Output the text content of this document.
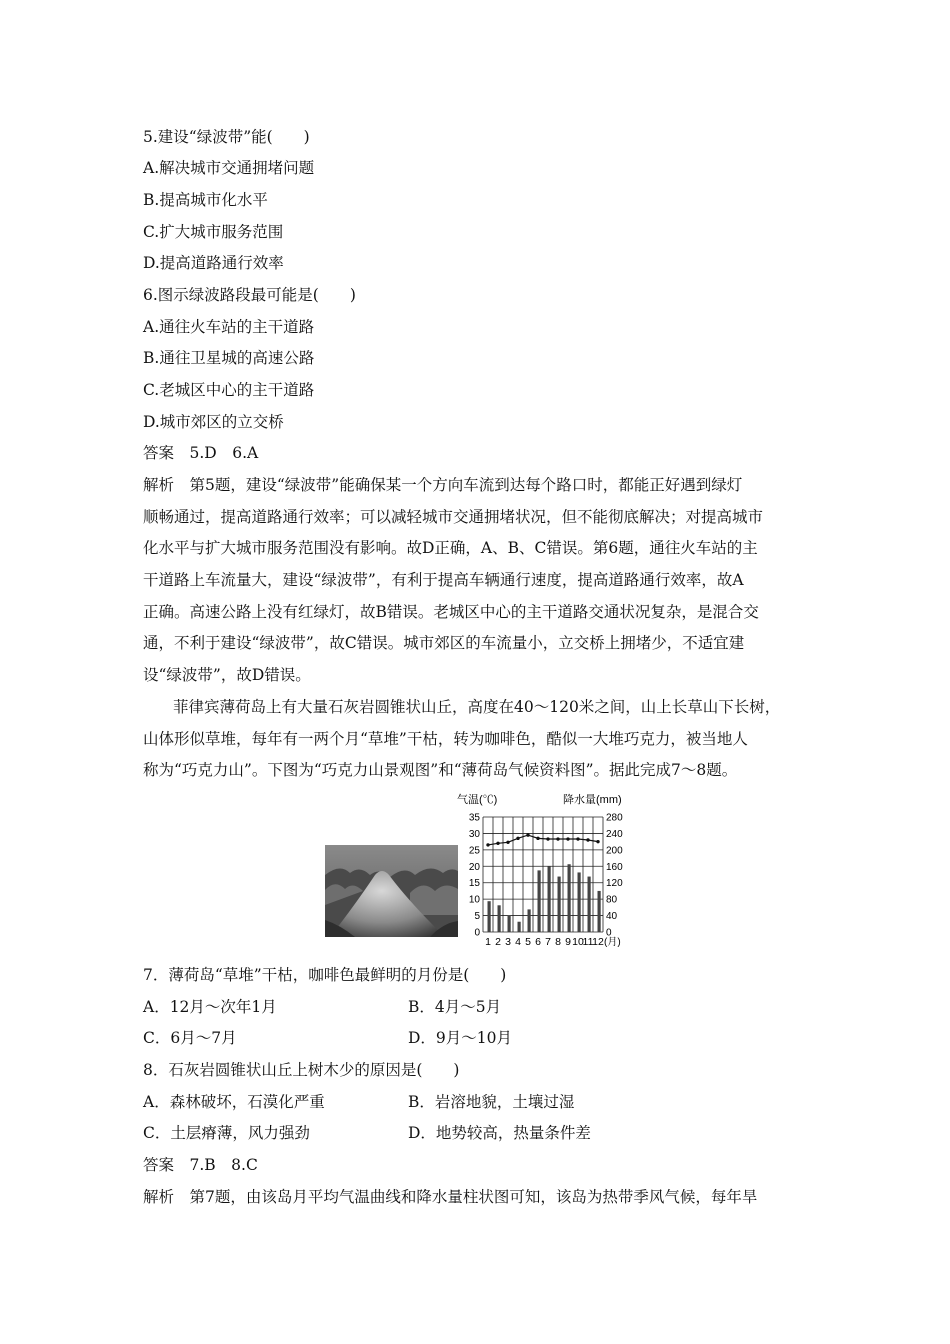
5.建设“绿波带”能(　　)
A.解决城市交通拥堵问题
B.提高城市化水平
C.扩大城市服务范围
D.提高道路通行效率
6.图示绿波路段最可能是(　　)
A.通往火车站的主干道路
B.通往卫星城的高速公路
C.老城区中心的主干道路
D.城市郊区的立交桥
答案　5.D　6.A
解析　第5题，建设“绿波带”能确保某一个方向车流到达每个路口时，都能正好遇到绿灯
顺畅通过，提高道路通行效率；可以减轻城市交通拥堵状况，但不能彻底解决；对提高城市
化水平与扩大城市服务范围没有影响。故D正确，A、B、C错误。第6题，通往火车站的主
干道路上车流量大，建设“绿波带”，有利于提高车辆通行速度，提高道路通行效率，故A
正确。高速公路上没有红绿灯，故B错误。老城区中心的主干道路交通状况复杂，是混合交
通，不利于建设“绿波带”，故C错误。城市郊区的车流量小，立交桥上拥堵少，不适宜建
设“绿波带”，故D错误。
菲律宾薄荷岛上有大量石灰岩圆锥状山丘，高度在40～120米之间，山上长草山下长树，
山体形似草堆，每年有一两个月“草堆”干枯，转为咖啡色，酷似一大堆巧克力，被当地人
称为“巧克力山”。下图为“巧克力山景观图”和“薄荷岛气候资料图”。据此完成7～8题。
气温(℃)	降水量(mm)
0	0
5	40
10	80
15	120
20	160
25	200
30	240
35	280
1 2 3 4 5 6 7 8 9 10
11
12 (月)
7．薄荷岛“草堆”干枯，咖啡色最鲜明的月份是(　　)
A．12月～次年1月	B．4月～5月
C．6月～7月	D．9月～10月
8．石灰岩圆锥状山丘上树木少的原因是(　　)
A．森林破坏，石漠化严重	B．岩溶地貌，土壤过湿
C．土层瘠薄，风力强劲	D．地势较高，热量条件差
答案　7.B　8.C
解析　第7题，由该岛月平均气温曲线和降水量柱状图可知，该岛为热带季风气候，每年旱
